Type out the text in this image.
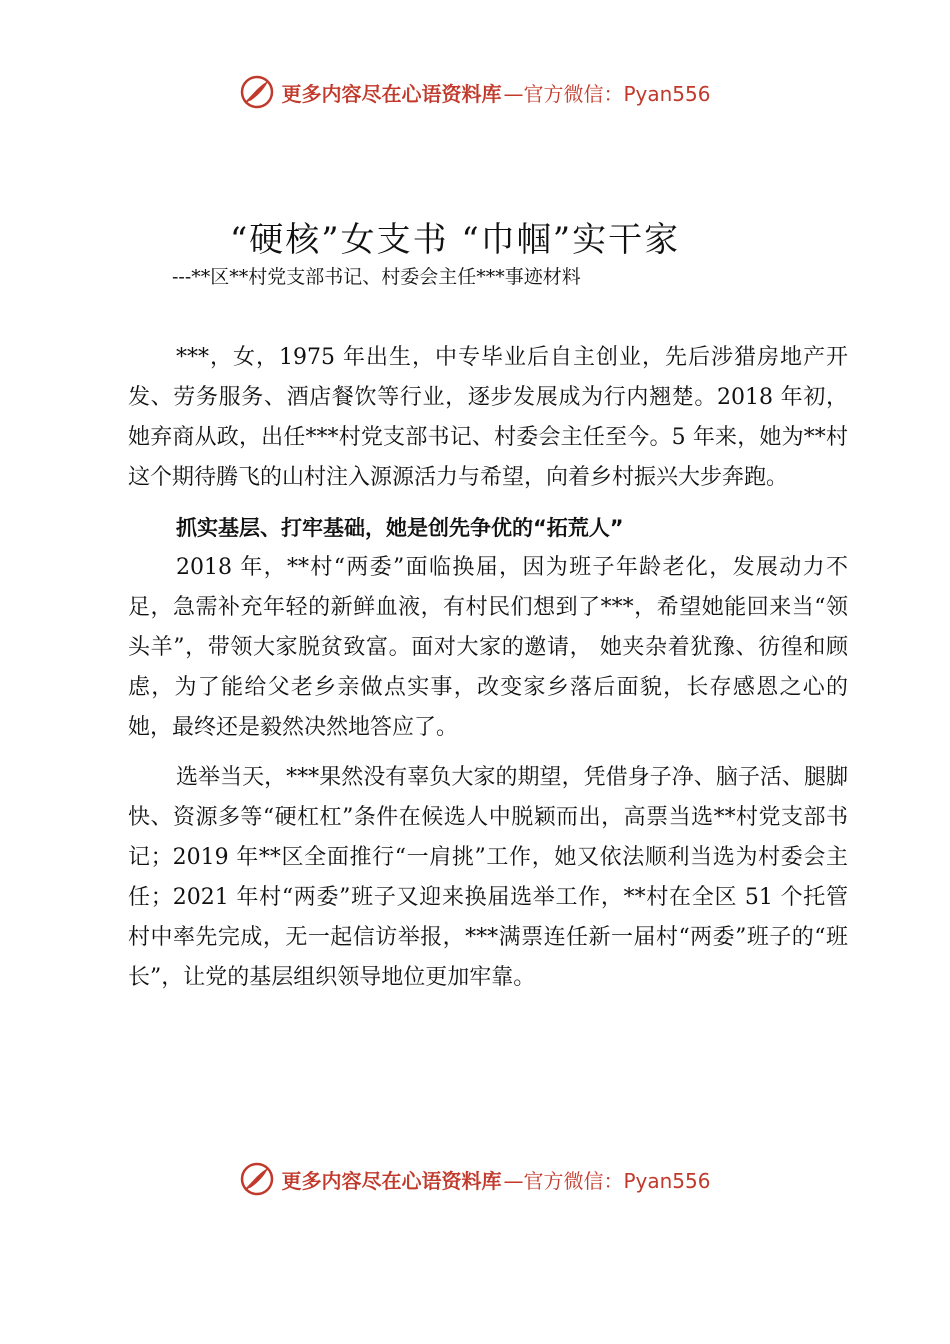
更多内容尽在心语资料库 —官方微信：Pyan556
“硬核”女支书 “巾帼”实干家
---**区**村党支部书记、村委会主任***事迹材料

***，女，1975 年出生，中专毕业后自主创业，先后涉猎房地产开发、劳务服务、酒店餐饮等行业，逐步发展成为行内翘楚。2018 年初，她弃商从政，出任***村党支部书记、村委会主任至今。5 年来，她为**村这个期待腾飞的山村注入源源活力与希望，向着乡村振兴大步奔跑。

抓实基层、打牢基础，她是创先争优的“拓荒人”

2018 年，**村“两委”面临换届，因为班子年龄老化，发展动力不足，急需补充年轻的新鲜血液，有村民们想到了***，希望她能回来当“领头羊”，带领大家脱贫致富。面对大家的邀请， 她夹杂着犹豫、彷徨和顾虑，为了能给父老乡亲做点实事，改变家乡落后面貌，长存感恩之心的她，最终还是毅然决然地答应了。

选举当天，***果然没有辜负大家的期望，凭借身子净、脑子活、腿脚快、资源多等“硬杠杠”条件在候选人中脱颖而出，高票当选**村党支部书记；2019 年**区全面推行“一肩挑”工作，她又依法顺利当选为村委会主任；2021 年村“两委”班子又迎来换届选举工作，**村在全区 51 个托管村中率先完成，无一起信访举报，***满票连任新一届村“两委”班子的“班长”，让党的基层组织领导地位更加牢靠。

更多内容尽在心语资料库 —官方微信：Pyan556
